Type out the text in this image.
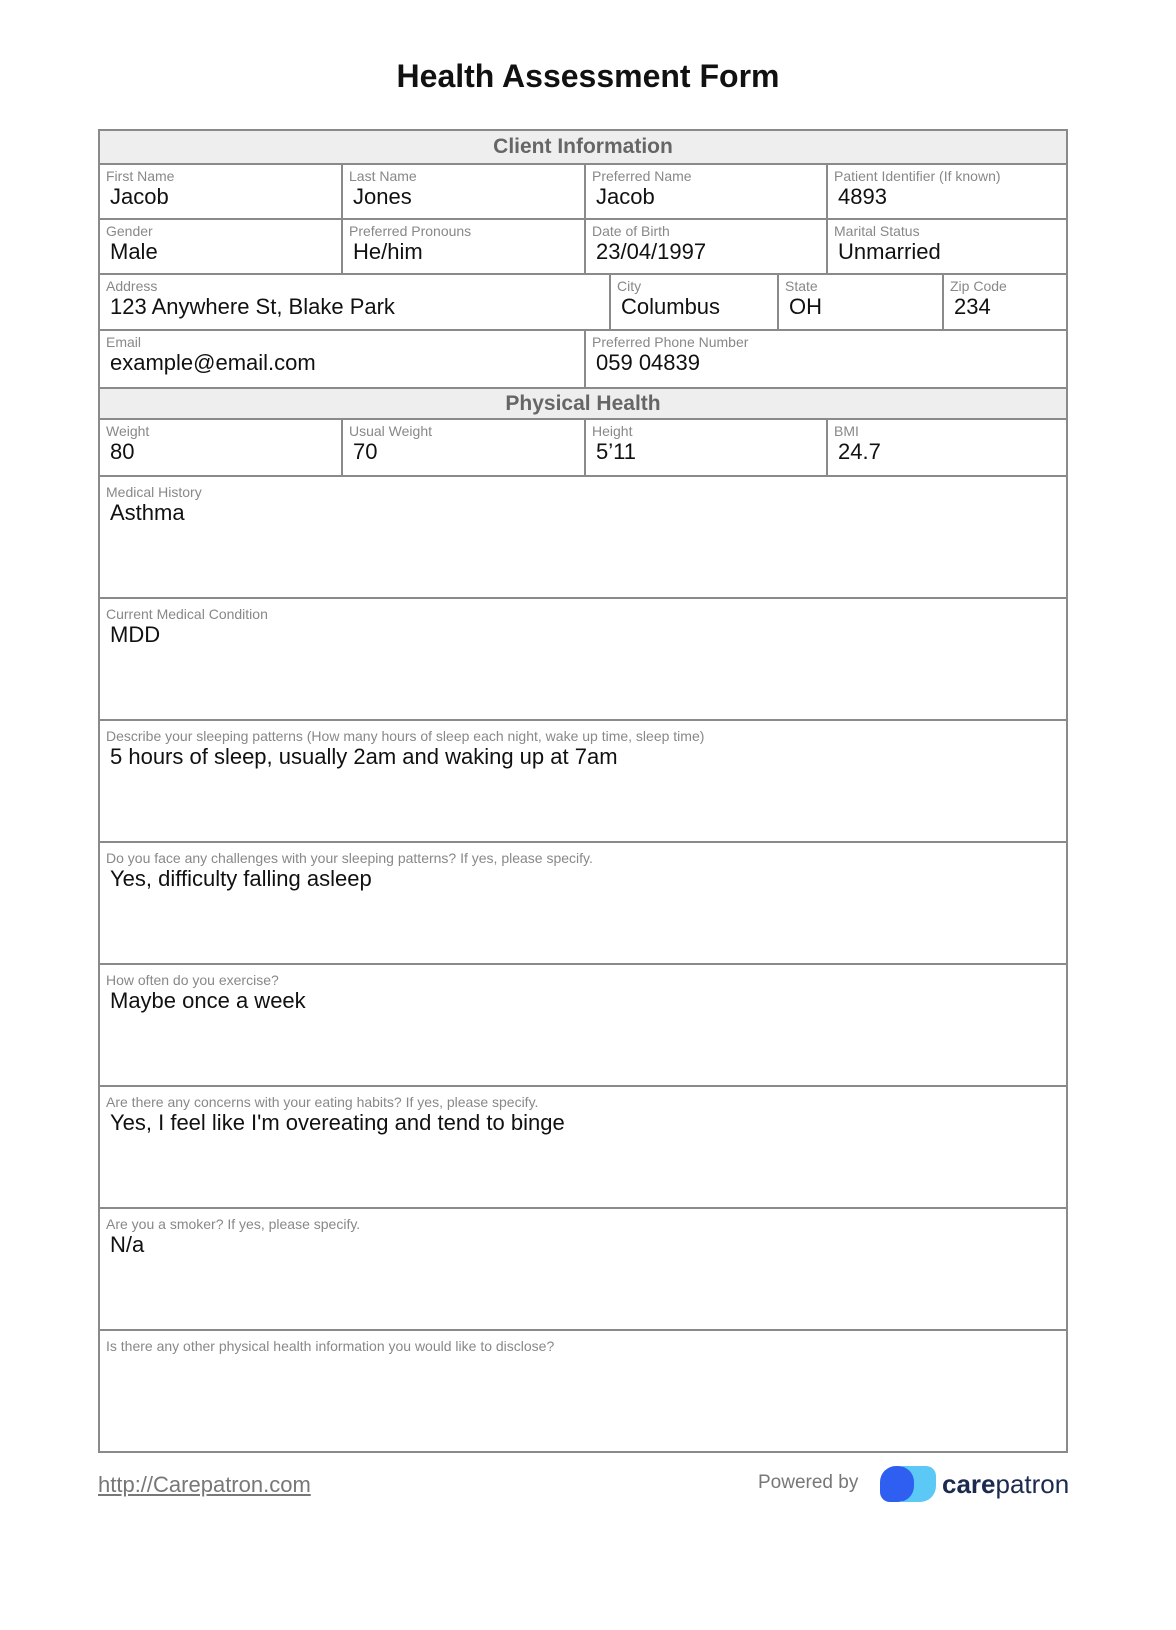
Health Assessment Form
Client Information
First Name
Jacob
Last Name
Jones
Preferred Name
Jacob
Patient Identifier (If known)
4893
Gender
Male
Preferred Pronouns
He/him
Date of Birth
23/04/1997
Marital Status
Unmarried
Address
123 Anywhere St, Blake Park
City
Columbus
State
OH
Zip Code
234
Email
example@email.com
Preferred Phone Number
059 04839
Physical Health
Weight
80
Usual Weight
70
Height
5’11
BMI
24.7
Medical History
Asthma
Current Medical Condition
MDD
Describe your sleeping patterns (How many hours of sleep each night, wake up time, sleep time)
5 hours of sleep, usually 2am and waking up at 7am
Do you face any challenges with your sleeping patterns? If yes, please specify.
Yes, difficulty falling asleep
How often do you exercise?
Maybe once a week
Are there any concerns with your eating habits? If yes, please specify.
Yes, I feel like I'm overeating and tend to binge
Are you a smoker? If yes, please specify.
N/a
Is there any other physical health information you would like to disclose?
http://Carepatron.com	Powered by	carepatron
